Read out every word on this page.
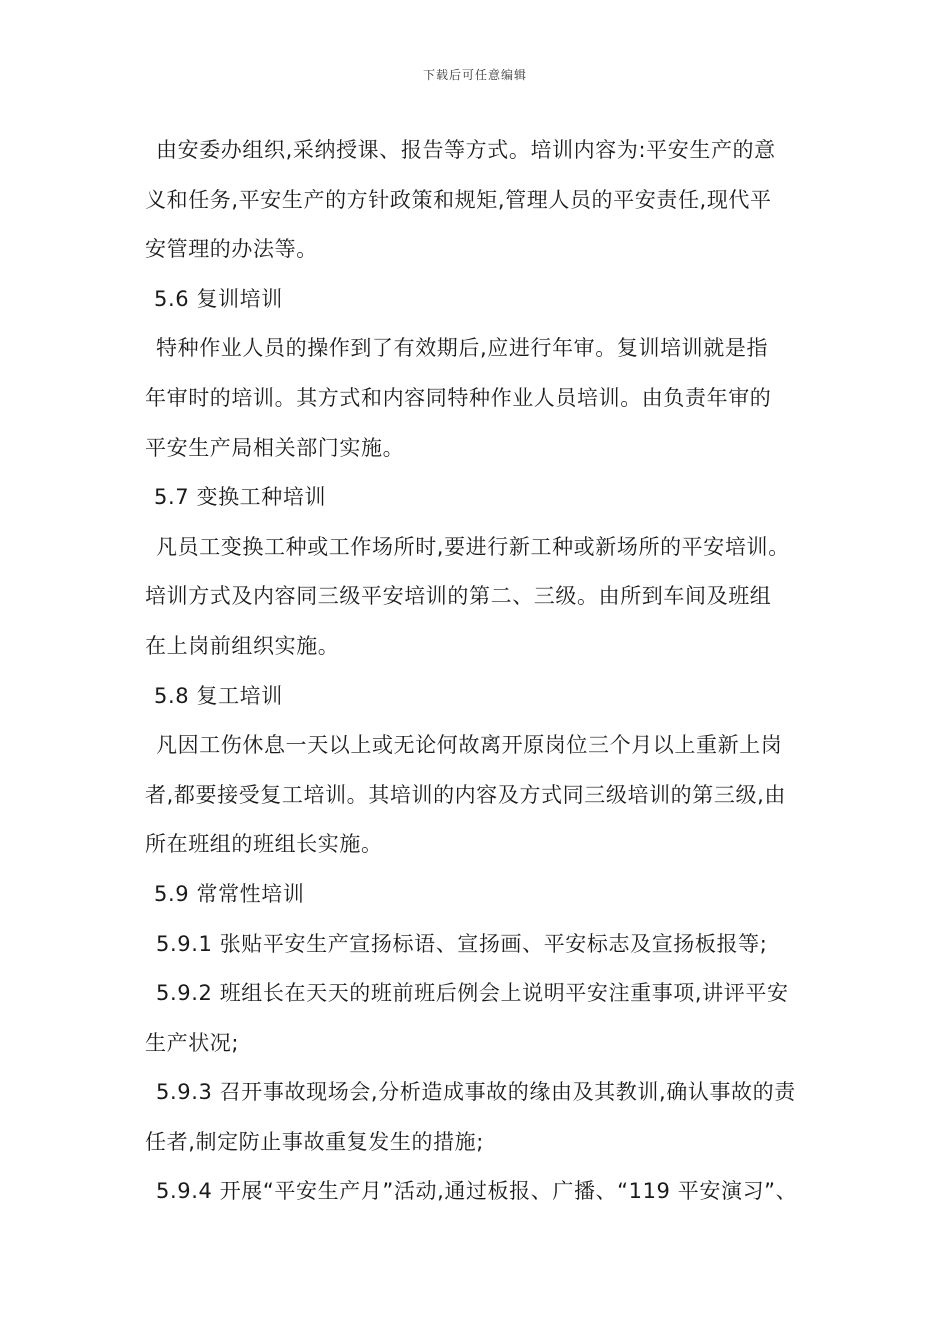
下载后可任意编辑
由安委办组织,采纳授课、报告等方式。培训内容为:平安生产的意
义和任务,平安生产的方针政策和规矩,管理人员的平安责任,现代平
安管理的办法等。
5.6 复训培训
特种作业人员的操作到了有效期后,应进行年审。复训培训就是指
年审时的培训。其方式和内容同特种作业人员培训。由负责年审的
平安生产局相关部门实施。
5.7 变换工种培训
凡员工变换工种或工作场所时,要进行新工种或新场所的平安培训。
培训方式及内容同三级平安培训的第二、三级。由所到车间及班组
在上岗前组织实施。
5.8 复工培训
凡因工伤休息一天以上或无论何故离开原岗位三个月以上重新上岗
者,都要接受复工培训。其培训的内容及方式同三级培训的第三级,由
所在班组的班组长实施。
5.9 常常性培训
5.9.1 张贴平安生产宣扬标语、宣扬画、平安标志及宣扬板报等;
5.9.2 班组长在天天的班前班后例会上说明平安注重事项,讲评平安
生产状况;
5.9.3 召开事故现场会,分析造成事故的缘由及其教训,确认事故的责
任者,制定防止事故重复发生的措施;
5.9.4 开展“平安生产月”活动,通过板报、广播、“119 平安演习”、
